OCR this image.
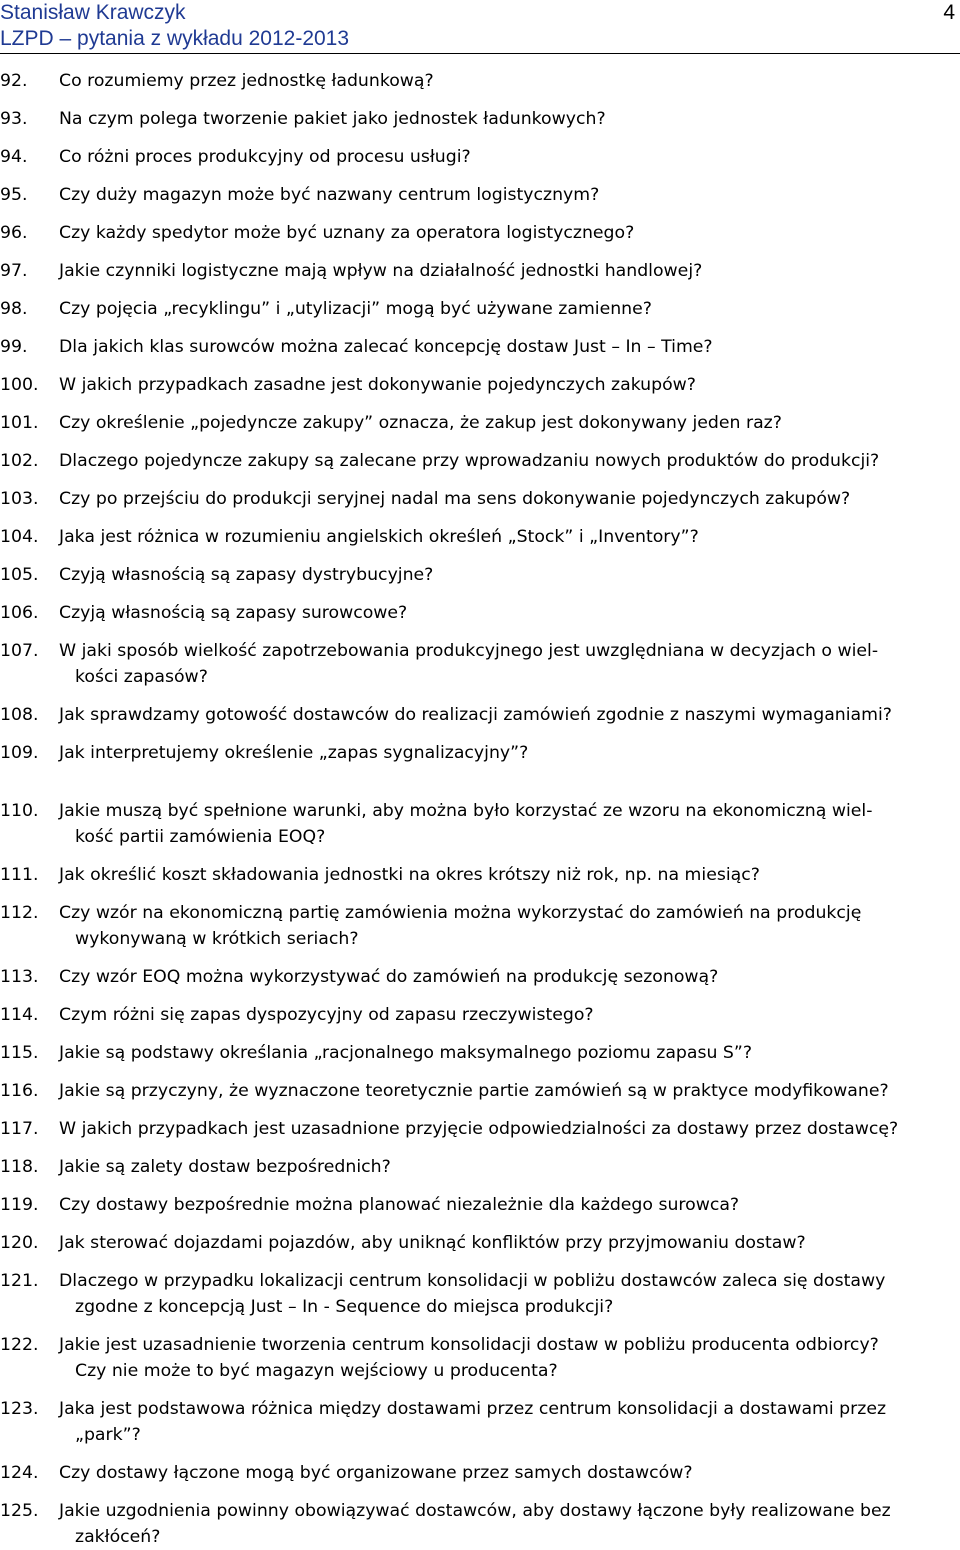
Stanisław Krawczyk
LZPD – pytania z wykładu 2012-2013
4
92.	Co rozumiemy przez jednostkę ładunkową?
93.	Na czym polega tworzenie pakiet jako jednostek ładunkowych?
94.	Co różni proces produkcyjny od procesu usługi?
95.	Czy duży magazyn może być nazwany centrum logistycznym?
96.	Czy każdy spedytor może być uznany za operatora logistycznego?
97.	Jakie czynniki logistyczne mają wpływ na działalność jednostki handlowej?
98.	Czy pojęcia „recyklingu” i „utylizacji” mogą być używane zamienne?
99.	Dla jakich klas surowców można zalecać koncepcję dostaw Just – In – Time?
100.	W jakich przypadkach zasadne jest dokonywanie pojedynczych zakupów?
101.	Czy określenie „pojedyncze zakupy” oznacza, że zakup jest dokonywany jeden raz?
102.	Dlaczego pojedyncze zakupy są zalecane przy wprowadzaniu nowych produktów do produkcji?
103.	Czy po przejściu do produkcji seryjnej nadal ma sens dokonywanie pojedynczych zakupów?
104.	Jaka jest różnica w rozumieniu angielskich określeń „Stock” i „Inventory”?
105.	Czyją własnością są zapasy dystrybucyjne?
106.	Czyją własnością są zapasy surowcowe?
107.	W jaki sposób wielkość zapotrzebowania produkcyjnego jest uwzględniana w decyzjach o wiel-
kości zapasów?
108.	Jak sprawdzamy gotowość dostawców do realizacji zamówień zgodnie z naszymi wymaganiami?
109.	Jak interpretujemy określenie „zapas sygnalizacyjny”?
110.	Jakie muszą być spełnione warunki, aby można było korzystać ze wzoru na ekonomiczną wiel-
kość partii zamówienia EOQ?
111.	Jak określić koszt składowania jednostki na okres krótszy niż rok, np. na miesiąc?
112.	Czy wzór na ekonomiczną partię zamówienia można wykorzystać do zamówień na produkcję
wykonywaną w krótkich seriach?
113.	Czy wzór EOQ można wykorzystywać do zamówień na produkcję sezonową?
114.	Czym różni się zapas dyspozycyjny od zapasu rzeczywistego?
115.	Jakie są podstawy określania „racjonalnego maksymalnego poziomu zapasu S”?
116.	Jakie są przyczyny, że wyznaczone teoretycznie partie zamówień są w praktyce modyfikowane?
117.	W jakich przypadkach jest uzasadnione przyjęcie odpowiedzialności za dostawy przez dostawcę?
118.	Jakie są zalety dostaw bezpośrednich?
119.	Czy dostawy bezpośrednie można planować niezależnie dla każdego surowca?
120.	Jak sterować dojazdami pojazdów, aby uniknąć konfliktów przy przyjmowaniu dostaw?
121.	Dlaczego w przypadku lokalizacji centrum konsolidacji w pobliżu dostawców zaleca się dostawy
zgodne z koncepcją Just – In - Sequence do miejsca produkcji?
122.	Jakie jest uzasadnienie tworzenia centrum konsolidacji dostaw w pobliżu producenta odbiorcy?
Czy nie może to być magazyn wejściowy u producenta?
123.	Jaka jest podstawowa różnica między dostawami przez centrum konsolidacji a dostawami przez
„park”?
124.	Czy dostawy łączone mogą być organizowane przez samych dostawców?
125.	Jakie uzgodnienia powinny obowiązywać dostawców, aby dostawy łączone były realizowane bez
zakłóceń?
